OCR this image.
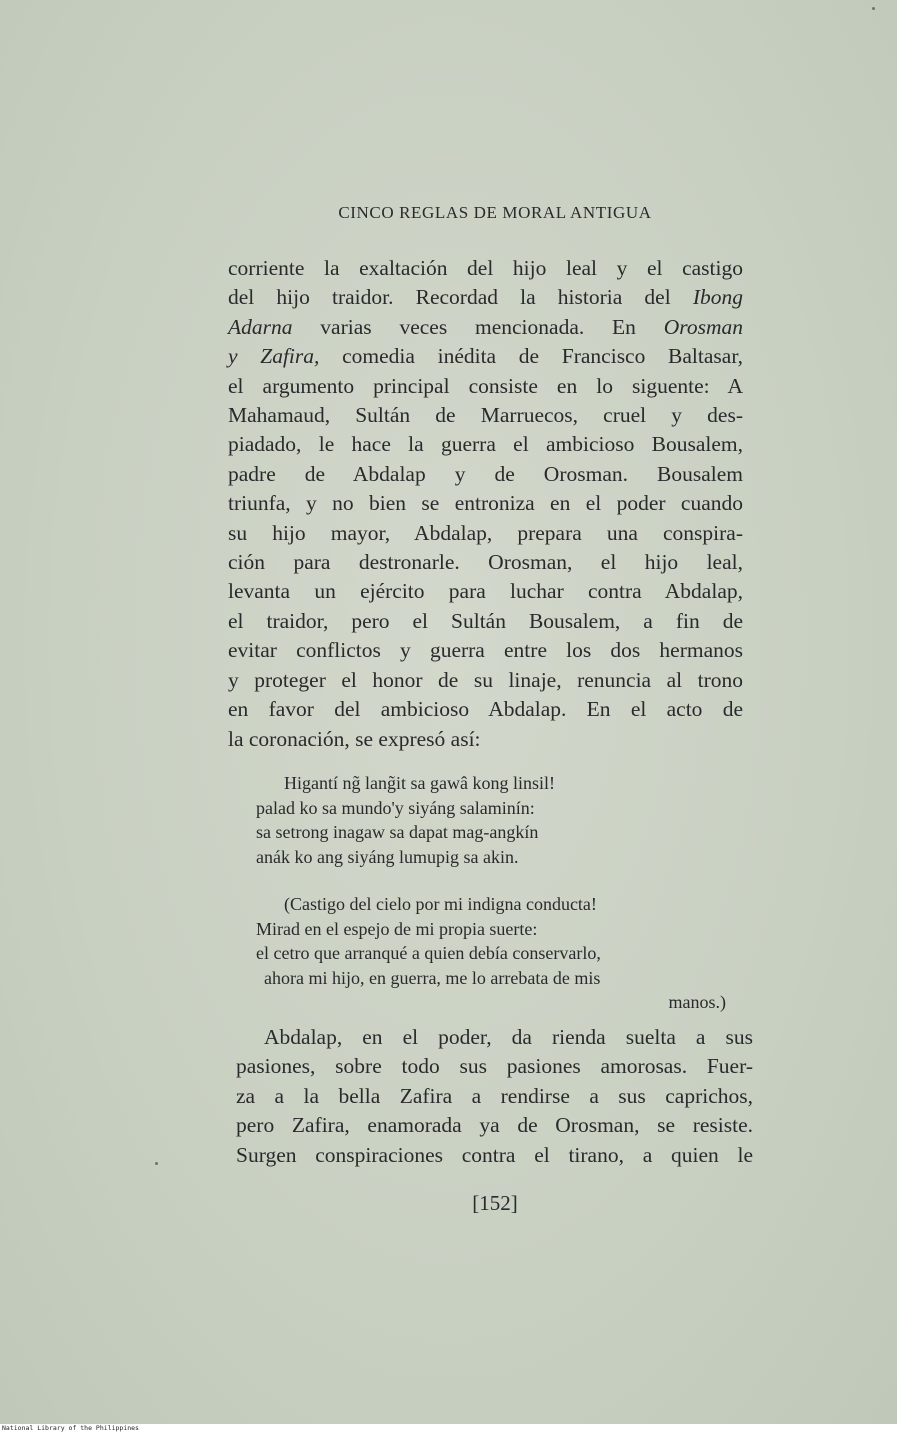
CINCO REGLAS DE MORAL ANTIGUA
corriente la exaltación del hijo leal y el castigo
del hijo traidor. Recordad la historia del Ibong
Adarna varias veces mencionada. En Orosman
y Zafira, comedia inédita de Francisco Baltasar,
el argumento principal consiste en lo siguente: A
Mahamaud, Sultán de Marruecos, cruel y des-
piadado, le hace la guerra el ambicioso Bousalem,
padre de Abdalap y de Orosman. Bousalem
triunfa, y no bien se entroniza en el poder cuando
su hijo mayor, Abdalap, prepara una conspira-
ción para destronarle. Orosman, el hijo leal,
levanta un ejército para luchar contra Abdalap,
el traidor, pero el Sultán Bousalem, a fin de
evitar conflictos y guerra entre los dos hermanos
y proteger el honor de su linaje, renuncia al trono
en favor del ambicioso Abdalap. En el acto de
la coronación, se expresó así:
Higantí ng̃ lang̃it sa gawâ kong linsil!
palad ko sa mundo'y siyáng salaminín:
sa setrong inagaw sa dapat mag-angkín
anák ko ang siyáng lumupig sa akin.
(Castigo del cielo por mi indigna conducta!
Mirad en el espejo de mi propia suerte:
el cetro que arranqué a quien debía conservarlo,
ahora mi hijo, en guerra, me lo arrebata de mis
manos.)
Abdalap, en el poder, da rienda suelta a sus
pasiones, sobre todo sus pasiones amorosas. Fuer-
za a la bella Zafira a rendirse a sus caprichos,
pero Zafira, enamorada ya de Orosman, se resiste.
Surgen conspiraciones contra el tirano, a quien le
[152]
National Library of the Philippines
